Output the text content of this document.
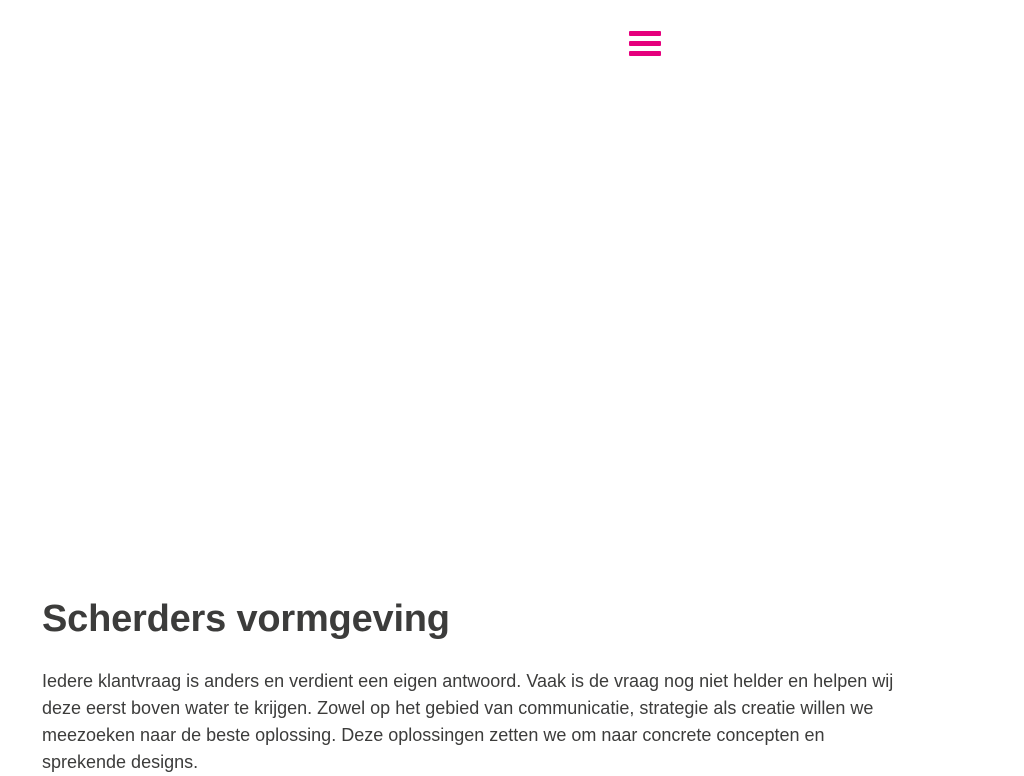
Scherders vormgeving

Iedere klantvraag is anders en verdient een eigen antwoord. Vaak is de vraag nog niet helder en helpen wij deze eerst boven water te krijgen. Zowel op het gebied van communicatie, strategie als creatie willen we meezoeken naar de beste oplossing. Deze oplossingen zetten we om naar concrete concepten en sprekende designs.
